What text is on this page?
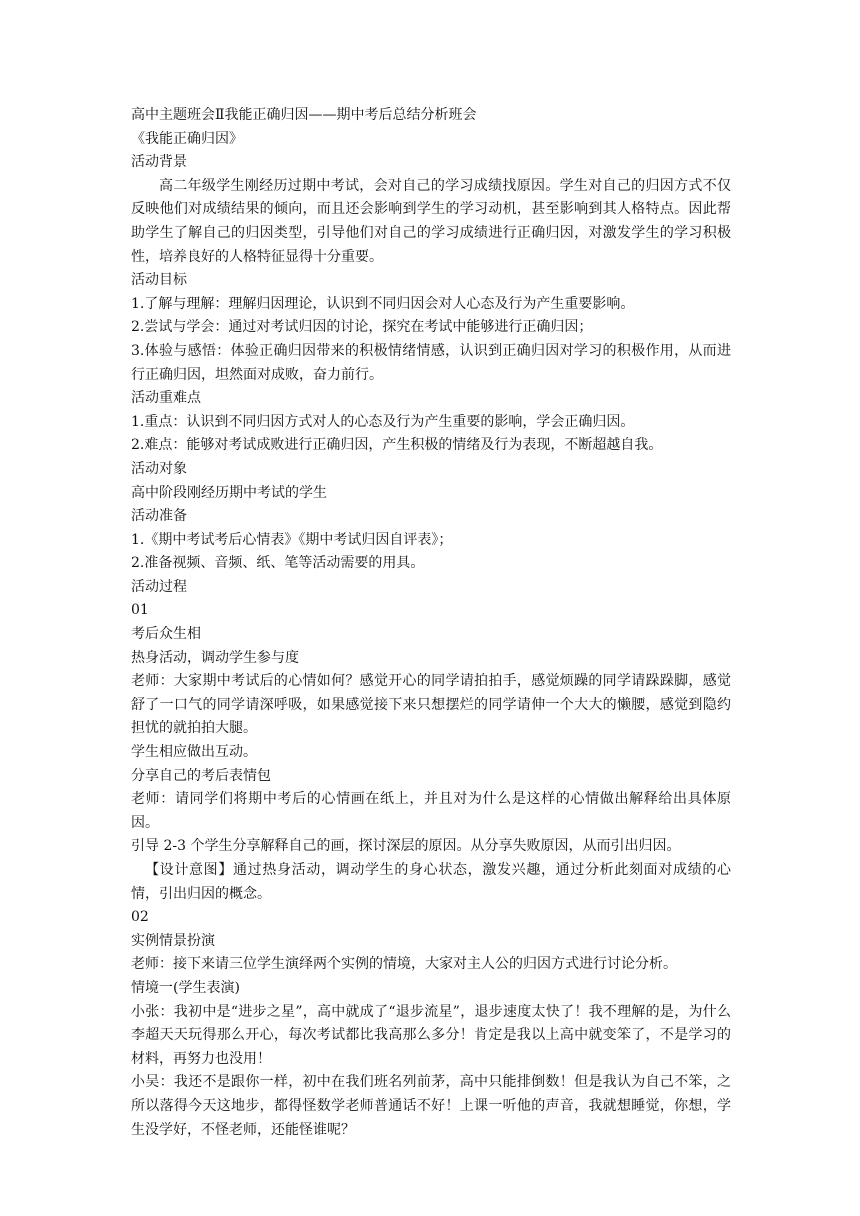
高中主题班会Ⅱ我能正确归因——期中考后总结分析班会

《我能正确归因》

活动背景

高二年级学生刚经历过期中考试，会对自己的学习成绩找原因。学生对自己的归因方式不仅反映他们对成绩结果的倾向，而且还会影响到学生的学习动机，甚至影响到其人格特点。因此帮助学生了解自己的归因类型，引导他们对自己的学习成绩进行正确归因，对激发学生的学习积极性，培养良好的人格特征显得十分重要。

活动目标

1.了解与理解：理解归因理论，认识到不同归因会对人心态及行为产生重要影响。

2.尝试与学会：通过对考试归因的讨论，探究在考试中能够进行正确归因；

3.体验与感悟：体验正确归因带来的积极情绪情感，认识到正确归因对学习的积极作用，从而进行正确归因，坦然面对成败，奋力前行。

活动重难点

1.重点：认识到不同归因方式对人的心态及行为产生重要的影响，学会正确归因。

2.难点：能够对考试成败进行正确归因，产生积极的情绪及行为表现，不断超越自我。

活动对象

高中阶段刚经历期中考试的学生

活动准备

1.《期中考试考后心情表》《期中考试归因自评表》；

2.准备视频、音频、纸、笔等活动需要的用具。

活动过程

01

考后众生相

热身活动，调动学生参与度

老师：大家期中考试后的心情如何？感觉开心的同学请拍拍手，感觉烦躁的同学请跺跺脚，感觉舒了一口气的同学请深呼吸，如果感觉接下来只想摆烂的同学请伸一个大大的懒腰，感觉到隐约担忧的就拍拍大腿。

学生相应做出互动。

分享自己的考后表情包

老师：请同学们将期中考后的心情画在纸上，并且对为什么是这样的心情做出解释给出具体原因。

引导 2-3 个学生分享解释自己的画，探讨深层的原因。从分享失败原因，从而引出归因。

【设计意图】通过热身活动，调动学生的身心状态，激发兴趣，通过分析此刻面对成绩的心情，引出归因的概念。

02

实例情景扮演

老师：接下来请三位学生演绎两个实例的情境，大家对主人公的归因方式进行讨论分析。

情境一(学生表演)

小张：我初中是“进步之星”，高中就成了“退步流星”，退步速度太快了！我不理解的是，为什么李超天天玩得那么开心，每次考试都比我高那么多分！肯定是我以上高中就变笨了，不是学习的材料，再努力也没用！

小吴：我还不是跟你一样，初中在我们班名列前茅，高中只能排倒数！但是我认为自己不笨，之所以落得今天这地步，都得怪数学老师普通话不好！上课一听他的声音，我就想睡觉，你想，学生没学好，不怪老师，还能怪谁呢？
